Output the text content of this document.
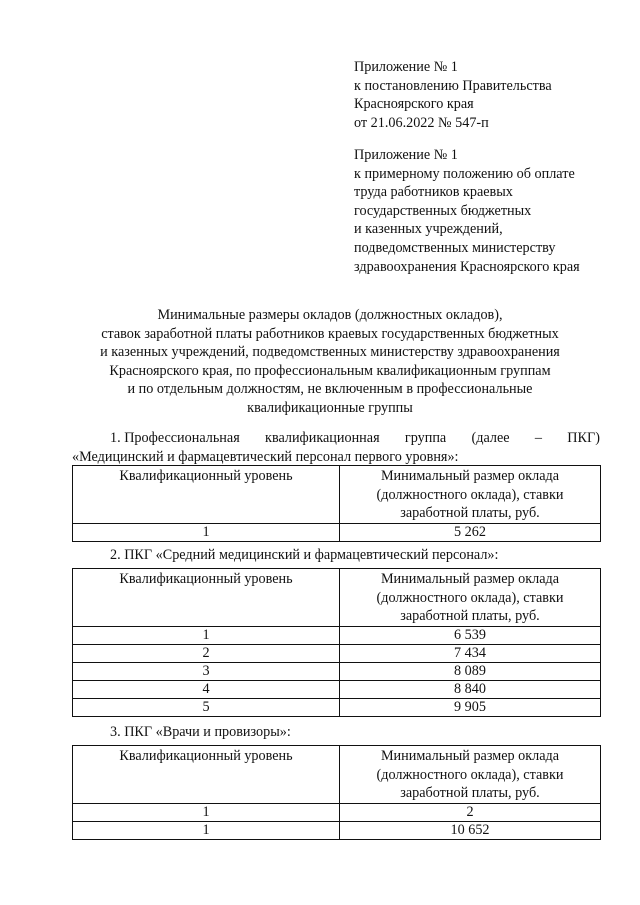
Приложение № 1
к постановлению Правительства
Красноярского края
от 21.06.2022 № 547-п
Приложение № 1
к примерному положению об оплате
труда работников краевых
государственных бюджетных
и казенных учреждений,
подведомственных министерству
здравоохранения Красноярского края
Минимальные размеры окладов (должностных окладов),
ставок заработной платы работников краевых государственных бюджетных
и казенных учреждений, подведомственных министерству здравоохранения
Красноярского края, по профессиональным квалификационным группам
и по отдельным должностям, не включенным в профессиональные
квалификационные группы
1. Профессиональная квалификационная группа (далее – ПКГ)
«Медицинский и фармацевтический персонал первого уровня»:
Квалификационный уровень	Минимальный размер оклада
(должностного оклада), ставки
заработной платы, руб.

1	5 262
2. ПКГ «Средний медицинский и фармацевтический персонал»:
Квалификационный уровень	Минимальный размер оклада
(должностного оклада), ставки
заработной платы, руб.

1	6 539
2	7 434
3	8 089
4	8 840
5	9 905
3. ПКГ «Врачи и провизоры»:
Квалификационный уровень	Минимальный размер оклада
(должностного оклада), ставки
заработной платы, руб.

1	2
1	10 652
